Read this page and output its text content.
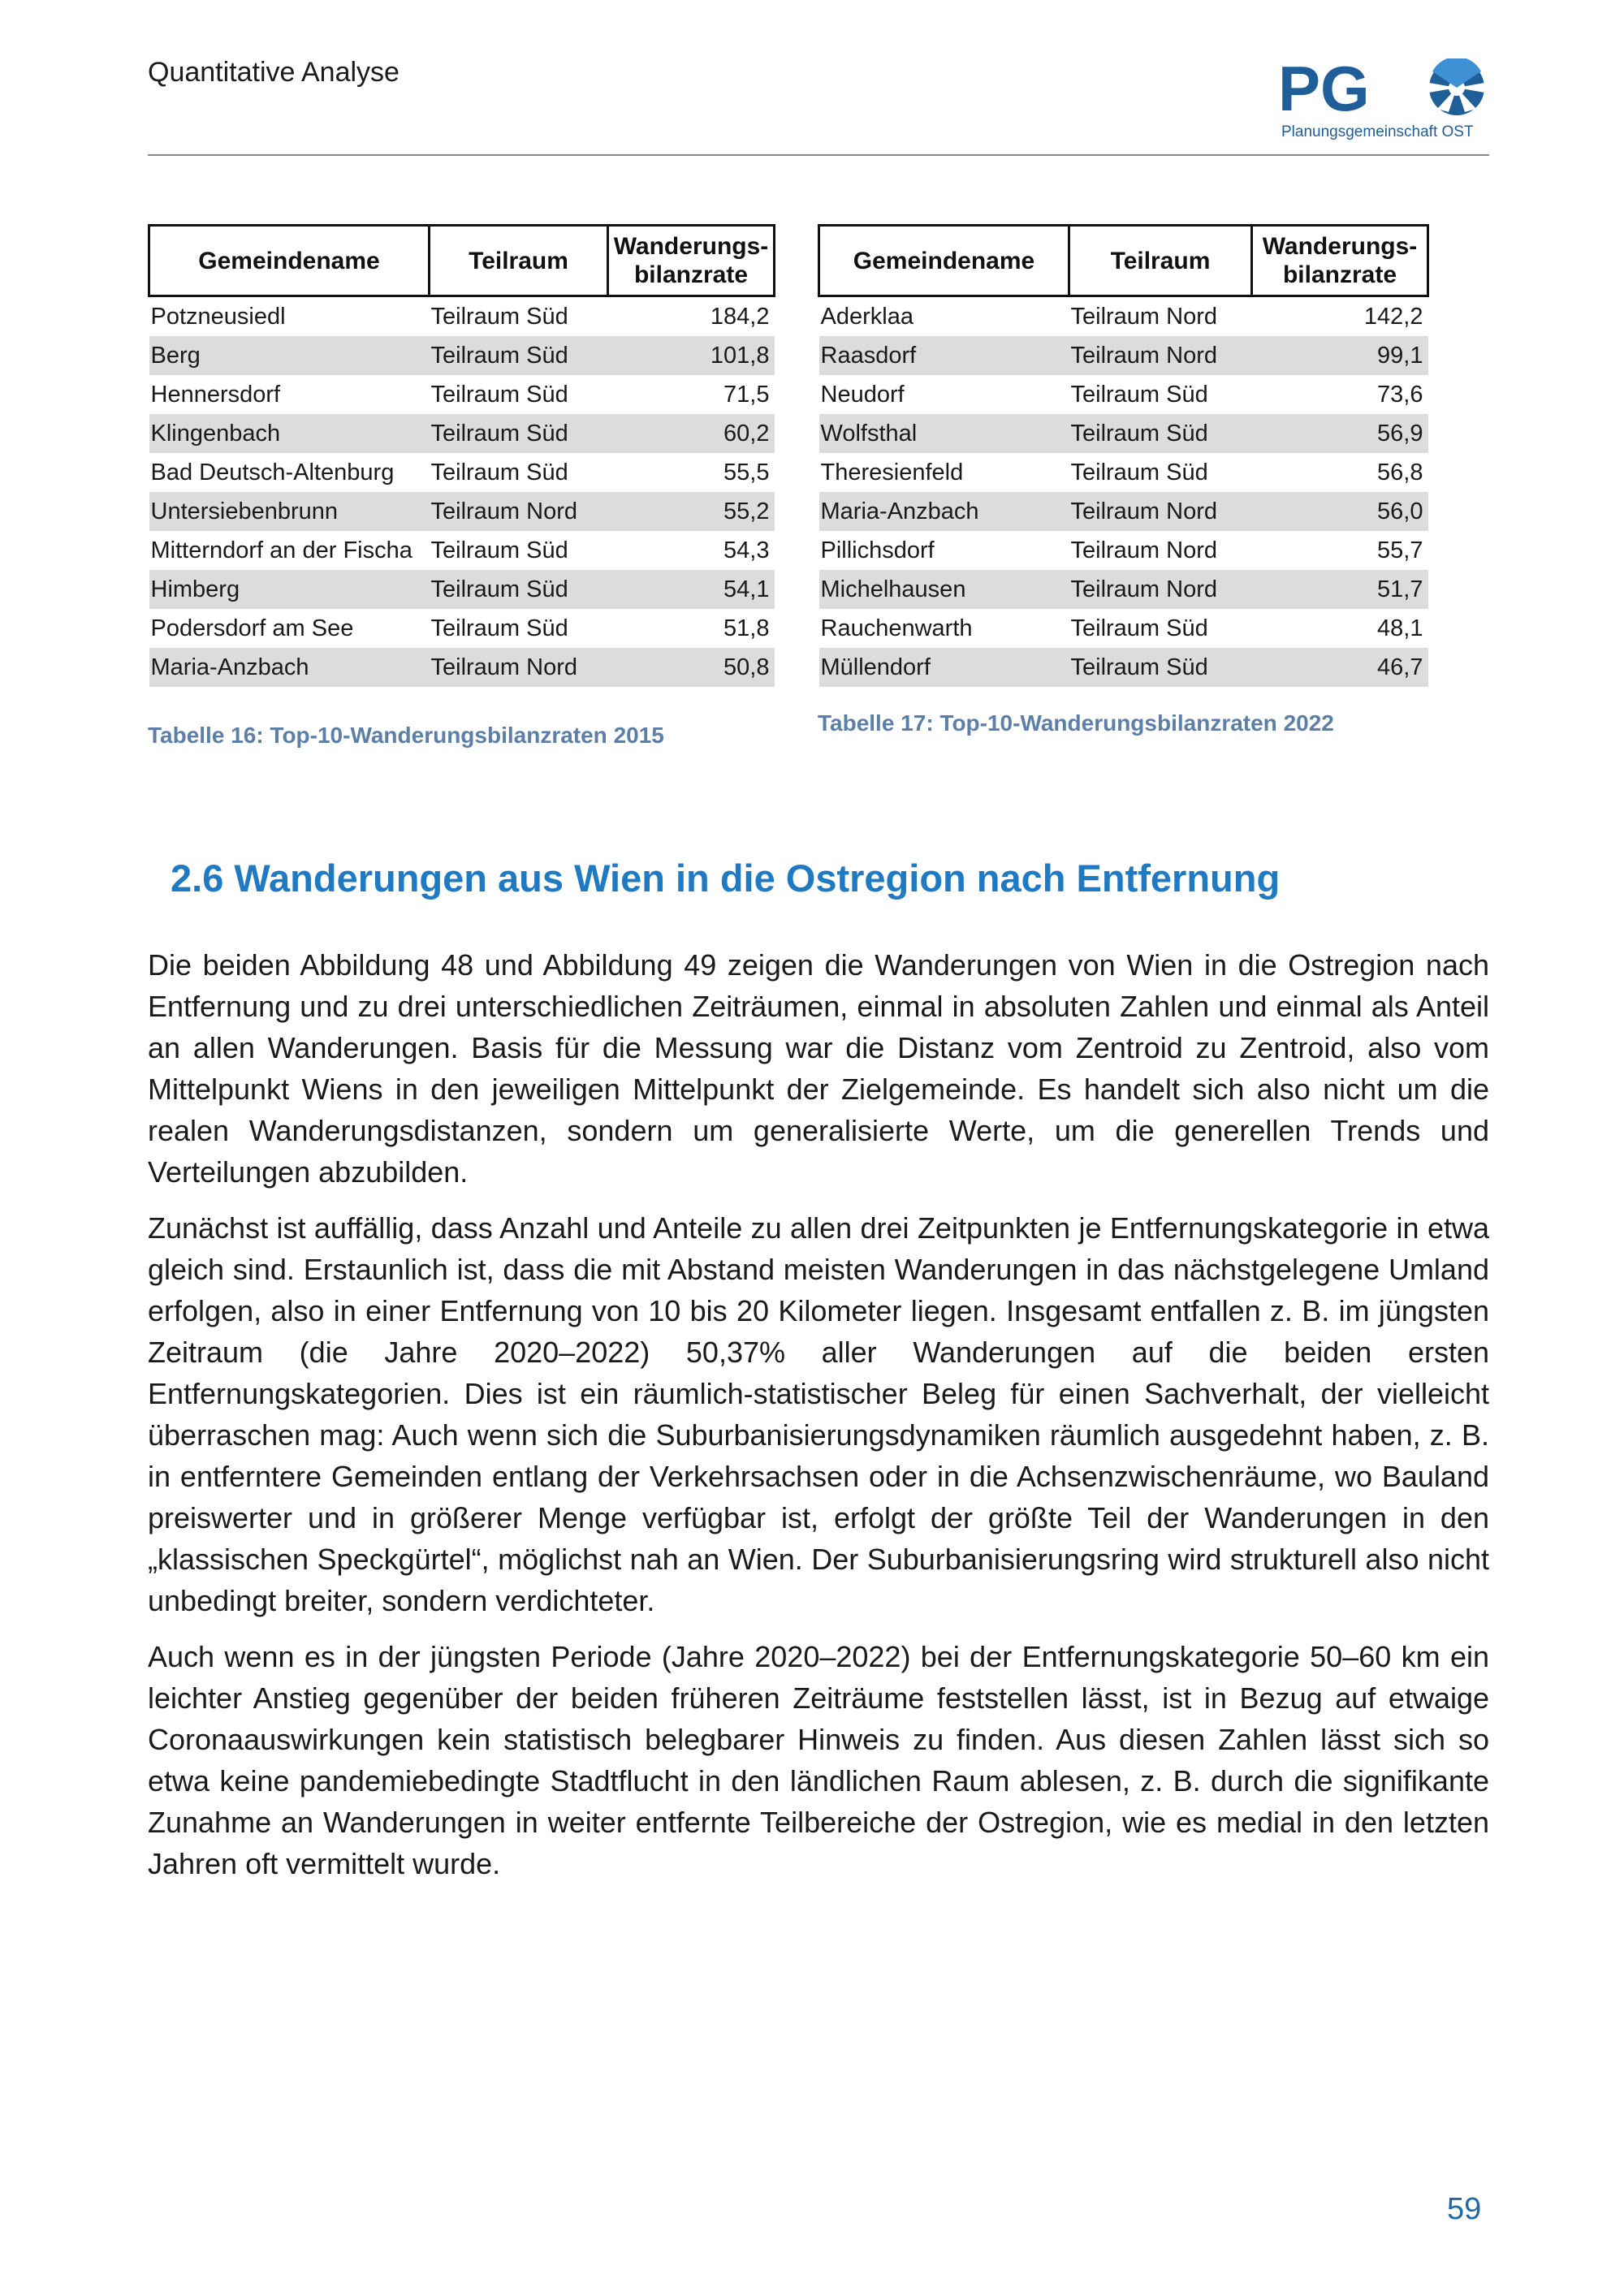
Quantitative Analyse	PG
Planungsgemeinschaft OST
Gemeindename	Teilraum	Wanderungs-
bilanzrate
Potzneusiedl	Teilraum Süd	184,2
Berg	Teilraum Süd	101,8
Hennersdorf	Teilraum Süd	71,5
Klingenbach	Teilraum Süd	60,2
Bad Deutsch-Altenburg	Teilraum Süd	55,5
Untersiebenbrunn	Teilraum Nord	55,2
Mitterndorf an der Fischa	Teilraum Süd	54,3
Himberg	Teilraum Süd	54,1
Podersdorf am See	Teilraum Süd	51,8
Maria-Anzbach	Teilraum Nord	50,8
Tabelle 16: Top-10-Wanderungsbilanzraten 2015
Gemeindename	Teilraum	Wanderungs-
bilanzrate
Aderklaa	Teilraum Nord	142,2
Raasdorf	Teilraum Nord	99,1
Neudorf	Teilraum Süd	73,6
Wolfsthal	Teilraum Süd	56,9
Theresienfeld	Teilraum Süd	56,8
Maria-Anzbach	Teilraum Nord	56,0
Pillichsdorf	Teilraum Nord	55,7
Michelhausen	Teilraum Nord	51,7
Rauchenwarth	Teilraum Süd	48,1
Müllendorf	Teilraum Süd	46,7
Tabelle 17: Top-10-Wanderungsbilanzraten 2022
2.6 Wanderungen aus Wien in die Ostregion nach Entfernung

Die beiden Abbildung 48 und Abbildung 49 zeigen die Wanderungen von Wien in die Ostregion nach Entfernung und zu drei unterschiedlichen Zeiträumen, einmal in absoluten Zahlen und einmal als Anteil an allen Wanderungen. Basis für die Messung war die Distanz vom Zentroid zu Zentroid, also vom Mittelpunkt Wiens in den jeweiligen Mittelpunkt der Zielgemeinde. Es handelt sich also nicht um die realen Wanderungsdistanzen, sondern um generalisierte Werte, um die generellen Trends und Verteilungen abzubilden.

Zunächst ist auffällig, dass Anzahl und Anteile zu allen drei Zeitpunkten je Entfernungskategorie in etwa gleich sind. Erstaunlich ist, dass die mit Abstand meisten Wanderungen in das nächstgelegene Umland erfolgen, also in einer Entfernung von 10 bis 20 Kilometer liegen. Insgesamt entfallen z. B. im jüngsten Zeitraum (die Jahre 2020–2022) 50,37% aller Wanderungen auf die beiden ersten Entfernungskategorien. Dies ist ein räumlich-statistischer Beleg für einen Sachverhalt, der vielleicht überraschen mag: Auch wenn sich die Suburbanisierungsdynamiken räumlich ausgedehnt haben, z. B. in entferntere Gemeinden entlang der Verkehrsachsen oder in die Achsenzwischenräume, wo Bauland preiswerter und in größerer Menge verfügbar ist, erfolgt der größte Teil der Wanderungen in den „klassischen Speckgürtel“, möglichst nah an Wien. Der Suburbanisierungsring wird strukturell also nicht unbedingt breiter, sondern verdichteter.

Auch wenn es in der jüngsten Periode (Jahre 2020–2022) bei der Entfernungskategorie 50–60 km ein leichter Anstieg gegenüber der beiden früheren Zeiträume feststellen lässt, ist in Bezug auf etwaige Coronaauswirkungen kein statistisch belegbarer Hinweis zu finden. Aus diesen Zahlen lässt sich so etwa keine pandemiebedingte Stadtflucht in den ländlichen Raum ablesen, z. B. durch die signifikante Zunahme an Wanderungen in weiter entfernte Teilbereiche der Ostregion, wie es medial in den letzten Jahren oft vermittelt wurde.

59
